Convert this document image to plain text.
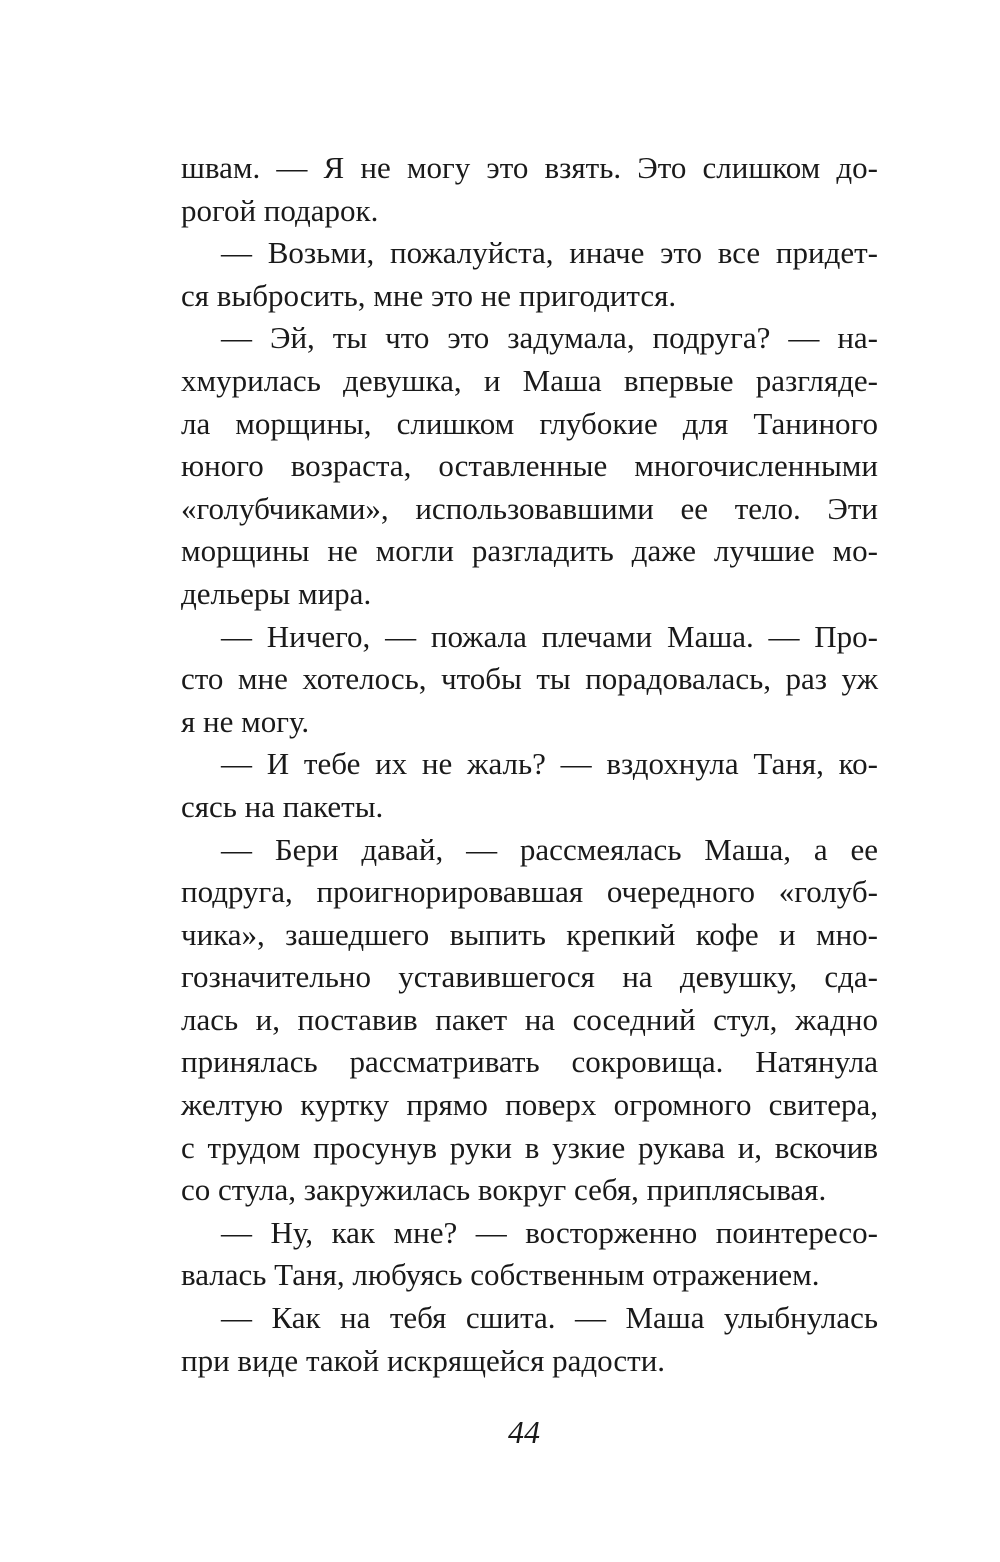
швам. — Я не могу это взять. Это слишком до-
рогой подарок.
— Возьми, пожалуйста, иначе это все придет-
ся выбросить, мне это не пригодится.
— Эй, ты что это задумала, подруга? — на-
хмурилась девушка, и Маша впервые разгляде-
ла морщины, слишком глубокие для Таниного
юного возраста, оставленные многочисленными
«голубчиками», использовавшими ее тело. Эти
морщины не могли разгладить даже лучшие мо-
дельеры мира.
— Ничего, — пожала плечами Маша. — Про-
сто мне хотелось, чтобы ты порадовалась, раз уж
я не могу.
— И тебе их не жаль? — вздохнула Таня, ко-
сясь на пакеты.
— Бери давай, — рассмеялась Маша, а ее
подруга, проигнорировавшая очередного «голуб-
чика», зашедшего выпить крепкий кофе и мно-
гозначительно уставившегося на девушку, сда-
лась и, поставив пакет на соседний стул, жадно
принялась рассматривать сокровища. Натянула
желтую куртку прямо поверх огромного свитера,
с трудом просунув руки в узкие рукава и, вскочив
со стула, закружилась вокруг себя, приплясывая.
— Ну, как мне? — восторженно поинтересо-
валась Таня, любуясь собственным отражением.
— Как на тебя сшита. — Маша улыбнулась
при виде такой искрящейся радости.
44
